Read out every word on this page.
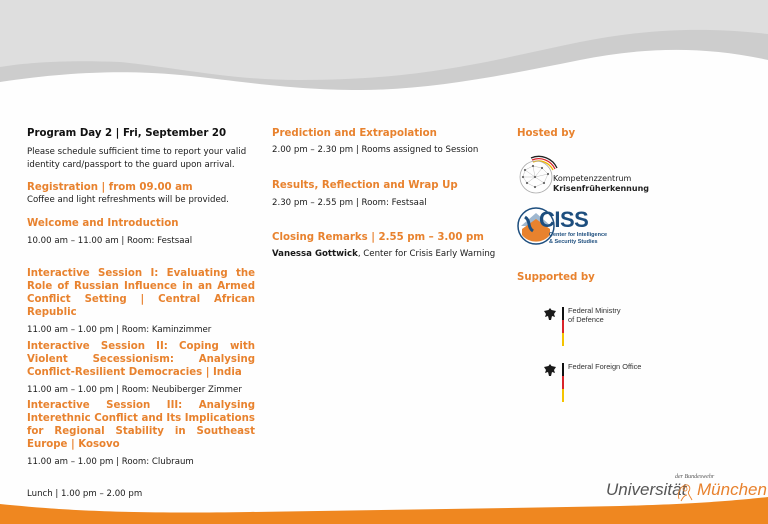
Program Day 2 | Fri, September 20
Please schedule sufficient time to report your valid identity card/passport to the guard upon arrival.
Registration | from 09.00 am
Coffee and light refreshments will be provided.
Welcome and Introduction
10.00 am – 11.00 am | Room: Festsaal
Interactive Session I: Evaluating the Role of Russian Influence in an Armed Conflict Setting | Central African Republic
11.00 am – 1.00 pm | Room: Kaminzimmer
Interactive Session II: Coping with Violent Secessionism: Analysing Conflict-Resilient Democracies | India
11.00 am – 1.00 pm | Room: Neubiberger Zimmer
Interactive Session III: Analysing Interethnic Conflict and Its Implications for Regional Stability in Southeast Europe | Kosovo
11.00 am – 1.00 pm | Room: Clubraum
Lunch | 1.00 pm – 2.00 pm
Prediction and Extrapolation
2.00 pm – 2.30 pm | Rooms assigned to Session
Results, Reflection and Wrap Up
2.30 pm – 2.55 pm | Room: Festsaal
Closing Remarks | 2.55 pm – 3.00 pm
Vanessa Gottwick, Center for Crisis Early Warning
Hosted by
Kompetenzzentrum
Krisenfrüherkennung
CISS
Center for Intelligence
& Security Studies
Supported by
Federal Ministry
of Defence
Federal Foreign Office
der Bundeswehr
Universität München
